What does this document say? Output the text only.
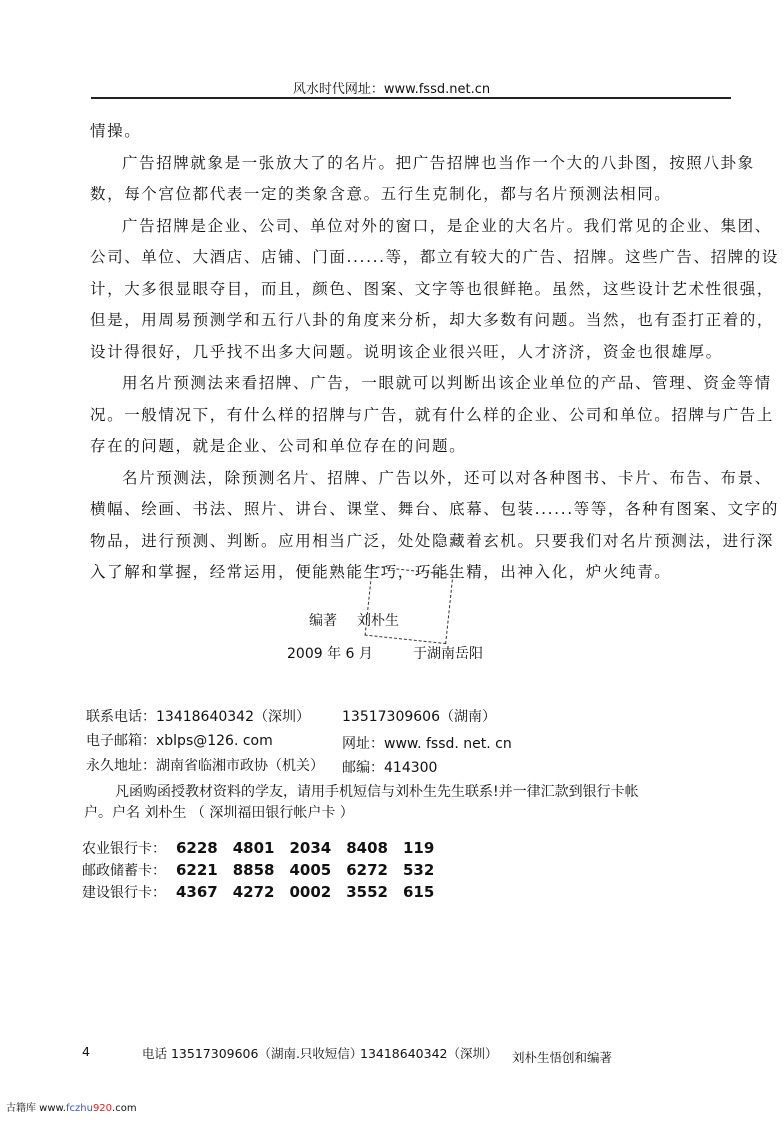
风水时代网址：www.fssd.net.cn
情操。
广告招牌就象是一张放大了的名片。把广告招牌也当作一个大的八卦图，按照八卦象
数，每个宫位都代表一定的类象含意。五行生克制化，都与名片预测法相同。
广告招牌是企业、公司、单位对外的窗口，是企业的大名片。我们常见的企业、集团、
公司、单位、大酒店、店铺、门面......等，都立有较大的广告、招牌。这些广告、招牌的设
计，大多很显眼夺目，而且，颜色、图案、文字等也很鲜艳。虽然，这些设计艺术性很强，
但是，用周易预测学和五行八卦的角度来分析，却大多数有问题。当然，也有歪打正着的，
设计得很好，几乎找不出多大问题。说明该企业很兴旺，人才济济，资金也很雄厚。
用名片预测法来看招牌、广告，一眼就可以判断出该企业单位的产品、管理、资金等情
况。一般情况下，有什么样的招牌与广告，就有什么样的企业、公司和单位。招牌与广告上
存在的问题，就是企业、公司和单位存在的问题。
名片预测法，除预测名片、招牌、广告以外，还可以对各种图书、卡片、布告、布景、
横幅、绘画、书法、照片、讲台、课堂、舞台、底幕、包装......等等，各种有图案、文字的
物品，进行预测、判断。应用相当广泛，处处隐藏着玄机。只要我们对名片预测法，进行深
入了解和掌握，经常运用，便能熟能生巧，巧能生精，出神入化，炉火纯青。
编著 刘朴生
2009 年 6 月	于湖南岳阳
联系电话：13418640342（深圳） 13517309606（湖南）
电子邮箱：xblps@126. com	网址：www. fssd. net. cn
永久地址：湖南省临湘市政协（机关） 邮编：414300
凡函购函授教材资料的学友，请用手机短信与刘朴生先生联系!并一律汇款到银行卡帐
户。户名 刘朴生 （ 深圳福田银行帐户卡 ）
农业银行卡： 6228 4801 2034 8408 119
邮政储蓄卡： 6221 8858 4005 6272 532
建设银行卡： 4367 4272 0002 3552 615
4	电话 13517309606（湖南.只收短信）
13418640342（深圳） 刘朴生悟创和编著
古籍库 www.fczhu920.com
